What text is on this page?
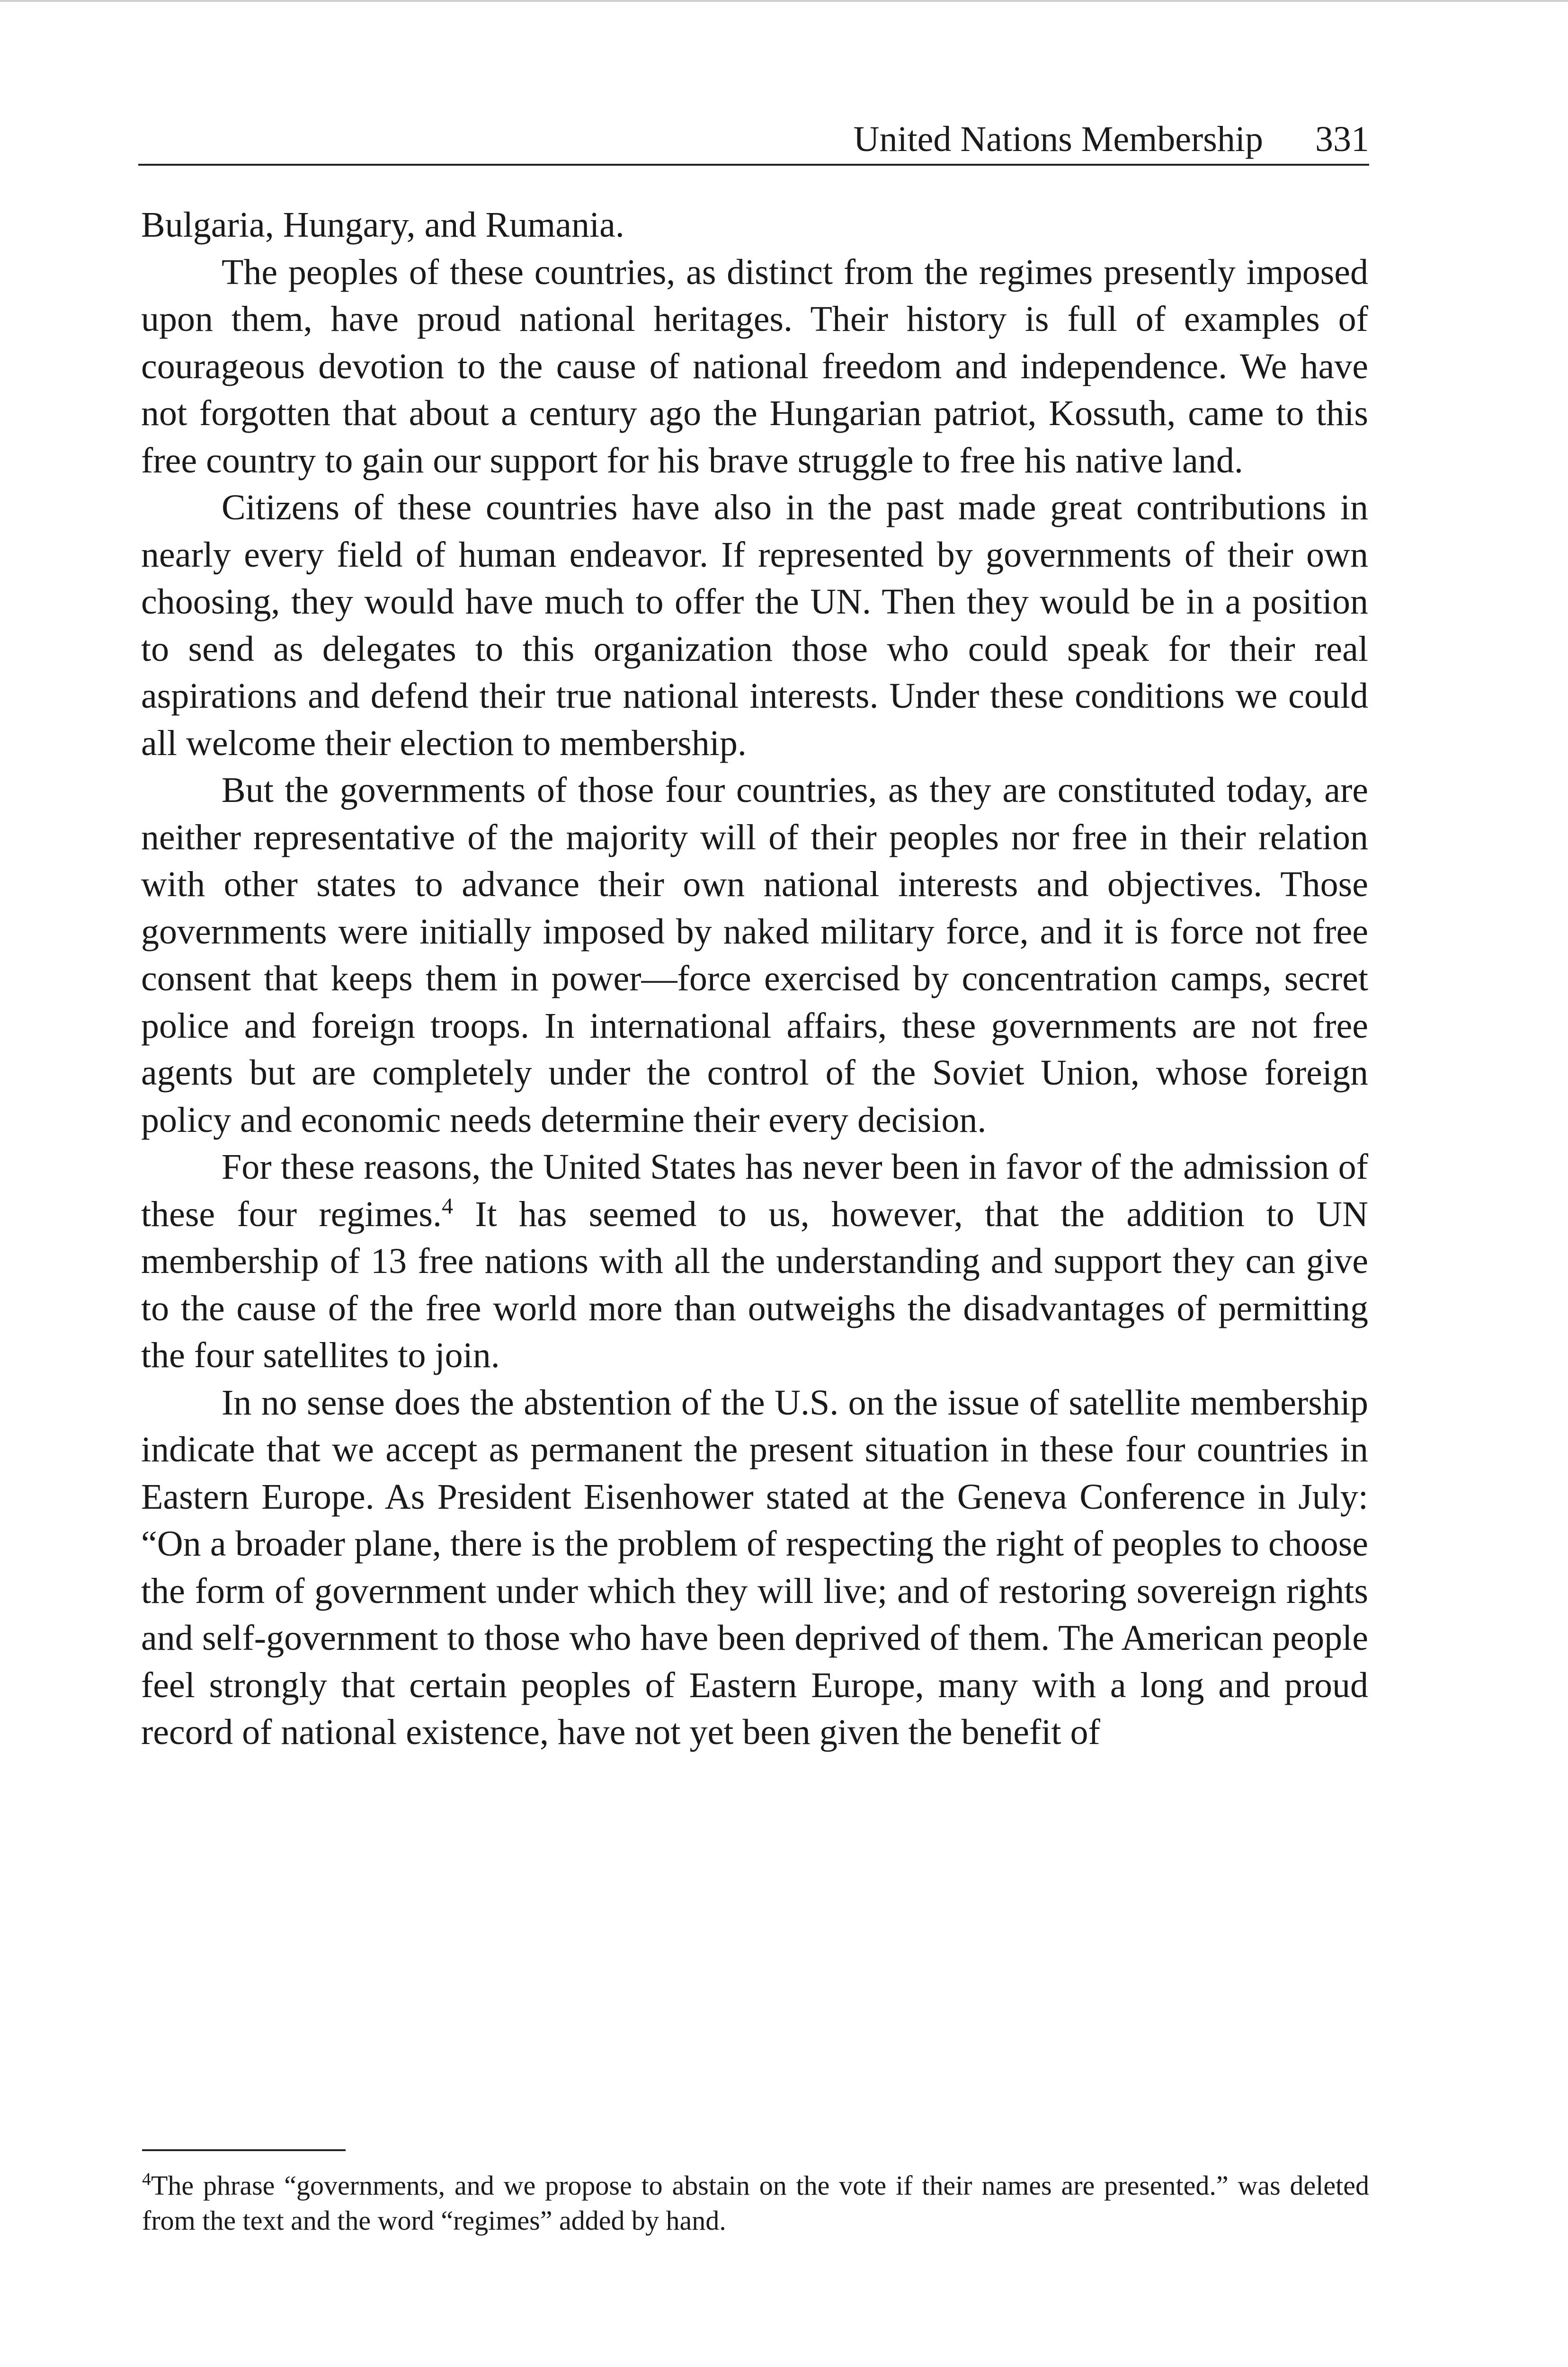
United Nations Membership 331

Bulgaria, Hungary, and Rumania.

The peoples of these countries, as distinct from the regimes presently imposed upon them, have proud national heritages. Their history is full of examples of courageous devotion to the cause of national freedom and independence. We have not forgotten that about a century ago the Hungarian patriot, Kossuth, came to this free country to gain our support for his brave struggle to free his native land.

Citizens of these countries have also in the past made great contributions in nearly every field of human endeavor. If represented by governments of their own choosing, they would have much to offer the UN. Then they would be in a position to send as delegates to this organization those who could speak for their real aspirations and defend their true national interests. Under these conditions we could all welcome their election to membership.

But the governments of those four countries, as they are constituted today, are neither representative of the majority will of their peoples nor free in their relation with other states to advance their own national interests and objectives. Those governments were initially imposed by naked military force, and it is force not free consent that keeps them in power—force exercised by concentration camps, secret police and foreign troops. In international affairs, these governments are not free agents but are completely under the control of the Soviet Union, whose foreign policy and economic needs determine their every decision.

For these reasons, the United States has never been in favor of the admission of these four regimes.$^4$ It has seemed to us, however, that the addition to UN membership of 13 free nations with all the understanding and support they can give to the cause of the free world more than outweighs the disadvantages of permitting the four satellites to join.

In no sense does the abstention of the U.S. on the issue of satellite membership indicate that we accept as permanent the present situation in these four countries in Eastern Europe. As President Eisenhower stated at the Geneva Conference in July: “On a broader plane, there is the problem of respecting the right of peoples to choose the form of government under which they will live; and of restoring sovereign rights and self-government to those who have been deprived of them. The American people feel strongly that certain peoples of Eastern Europe, many with a long and proud record of national existence, have not yet been given the benefit of

$^4$The phrase “governments, and we propose to abstain on the vote if their names are presented.” was deleted from the text and the word “regimes” added by hand.
